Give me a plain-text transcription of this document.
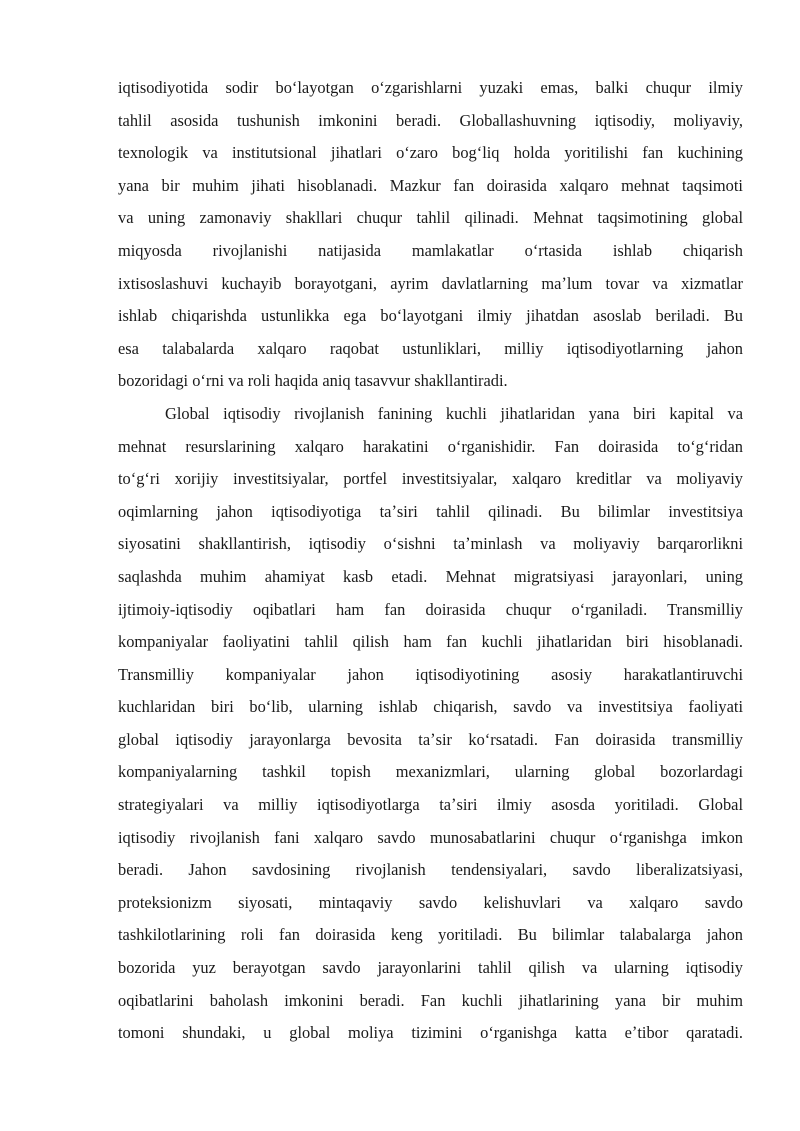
iqtisodiyotida sodir boʻlayotgan oʻzgarishlarni yuzaki emas, balki chuqur ilmiy
tahlil asosida tushunish imkonini beradi. Globallashuvning iqtisodiy, moliyaviy,
texnologik va institutsional jihatlari oʻzaro bogʻliq holda yoritilishi fan kuchining
yana bir muhim jihati hisoblanadi. Mazkur fan doirasida xalqaro mehnat taqsimoti
va uning zamonaviy shakllari chuqur tahlil qilinadi. Mehnat taqsimotining global
miqyosda rivojlanishi natijasida mamlakatlar oʻrtasida ishlab chiqarish
ixtisoslashuvi kuchayib borayotgani, ayrim davlatlarning maʼlum tovar va xizmatlar
ishlab chiqarishda ustunlikka ega boʻlayotgani ilmiy jihatdan asoslab beriladi. Bu
esa talabalarda xalqaro raqobat ustunliklari, milliy iqtisodiyotlarning jahon
bozoridagi oʻrni va roli haqida aniq tasavvur shakllantiradi.

Global iqtisodiy rivojlanish fanining kuchli jihatlaridan yana biri kapital va
mehnat resurslarining xalqaro harakatini oʻrganishidir. Fan doirasida toʻgʻridan
toʻgʻri xorijiy investitsiyalar, portfel investitsiyalar, xalqaro kreditlar va moliyaviy
oqimlarning jahon iqtisodiyotiga taʼsiri tahlil qilinadi. Bu bilimlar investitsiya
siyosatini shakllantirish, iqtisodiy oʻsishni taʼminlash va moliyaviy barqarorlikni
saqlashda muhim ahamiyat kasb etadi. Mehnat migratsiyasi jarayonlari, uning
ijtimoiy-iqtisodiy oqibatlari ham fan doirasida chuqur oʻrganiladi. Transmilliy
kompaniyalar faoliyatini tahlil qilish ham fan kuchli jihatlaridan biri hisoblanadi.
Transmilliy kompaniyalar jahon iqtisodiyotining asosiy harakatlantiruvchi
kuchlaridan biri boʻlib, ularning ishlab chiqarish, savdo va investitsiya faoliyati
global iqtisodiy jarayonlarga bevosita taʼsir koʻrsatadi. Fan doirasida transmilliy
kompaniyalarning tashkil topish mexanizmlari, ularning global bozorlardagi
strategiyalari va milliy iqtisodiyotlarga taʼsiri ilmiy asosda yoritiladi. Global
iqtisodiy rivojlanish fani xalqaro savdo munosabatlarini chuqur oʻrganishga imkon
beradi. Jahon savdosining rivojlanish tendensiyalari, savdo liberalizatsiyasi,
proteksionizm siyosati, mintaqaviy savdo kelishuvlari va xalqaro savdo
tashkilotlarining roli fan doirasida keng yoritiladi. Bu bilimlar talabalarga jahon
bozorida yuz berayotgan savdo jarayonlarini tahlil qilish va ularning iqtisodiy
oqibatlarini baholash imkonini beradi. Fan kuchli jihatlarining yana bir muhim
tomoni shundaki, u global moliya tizimini oʻrganishga katta eʼtibor qaratadi.
